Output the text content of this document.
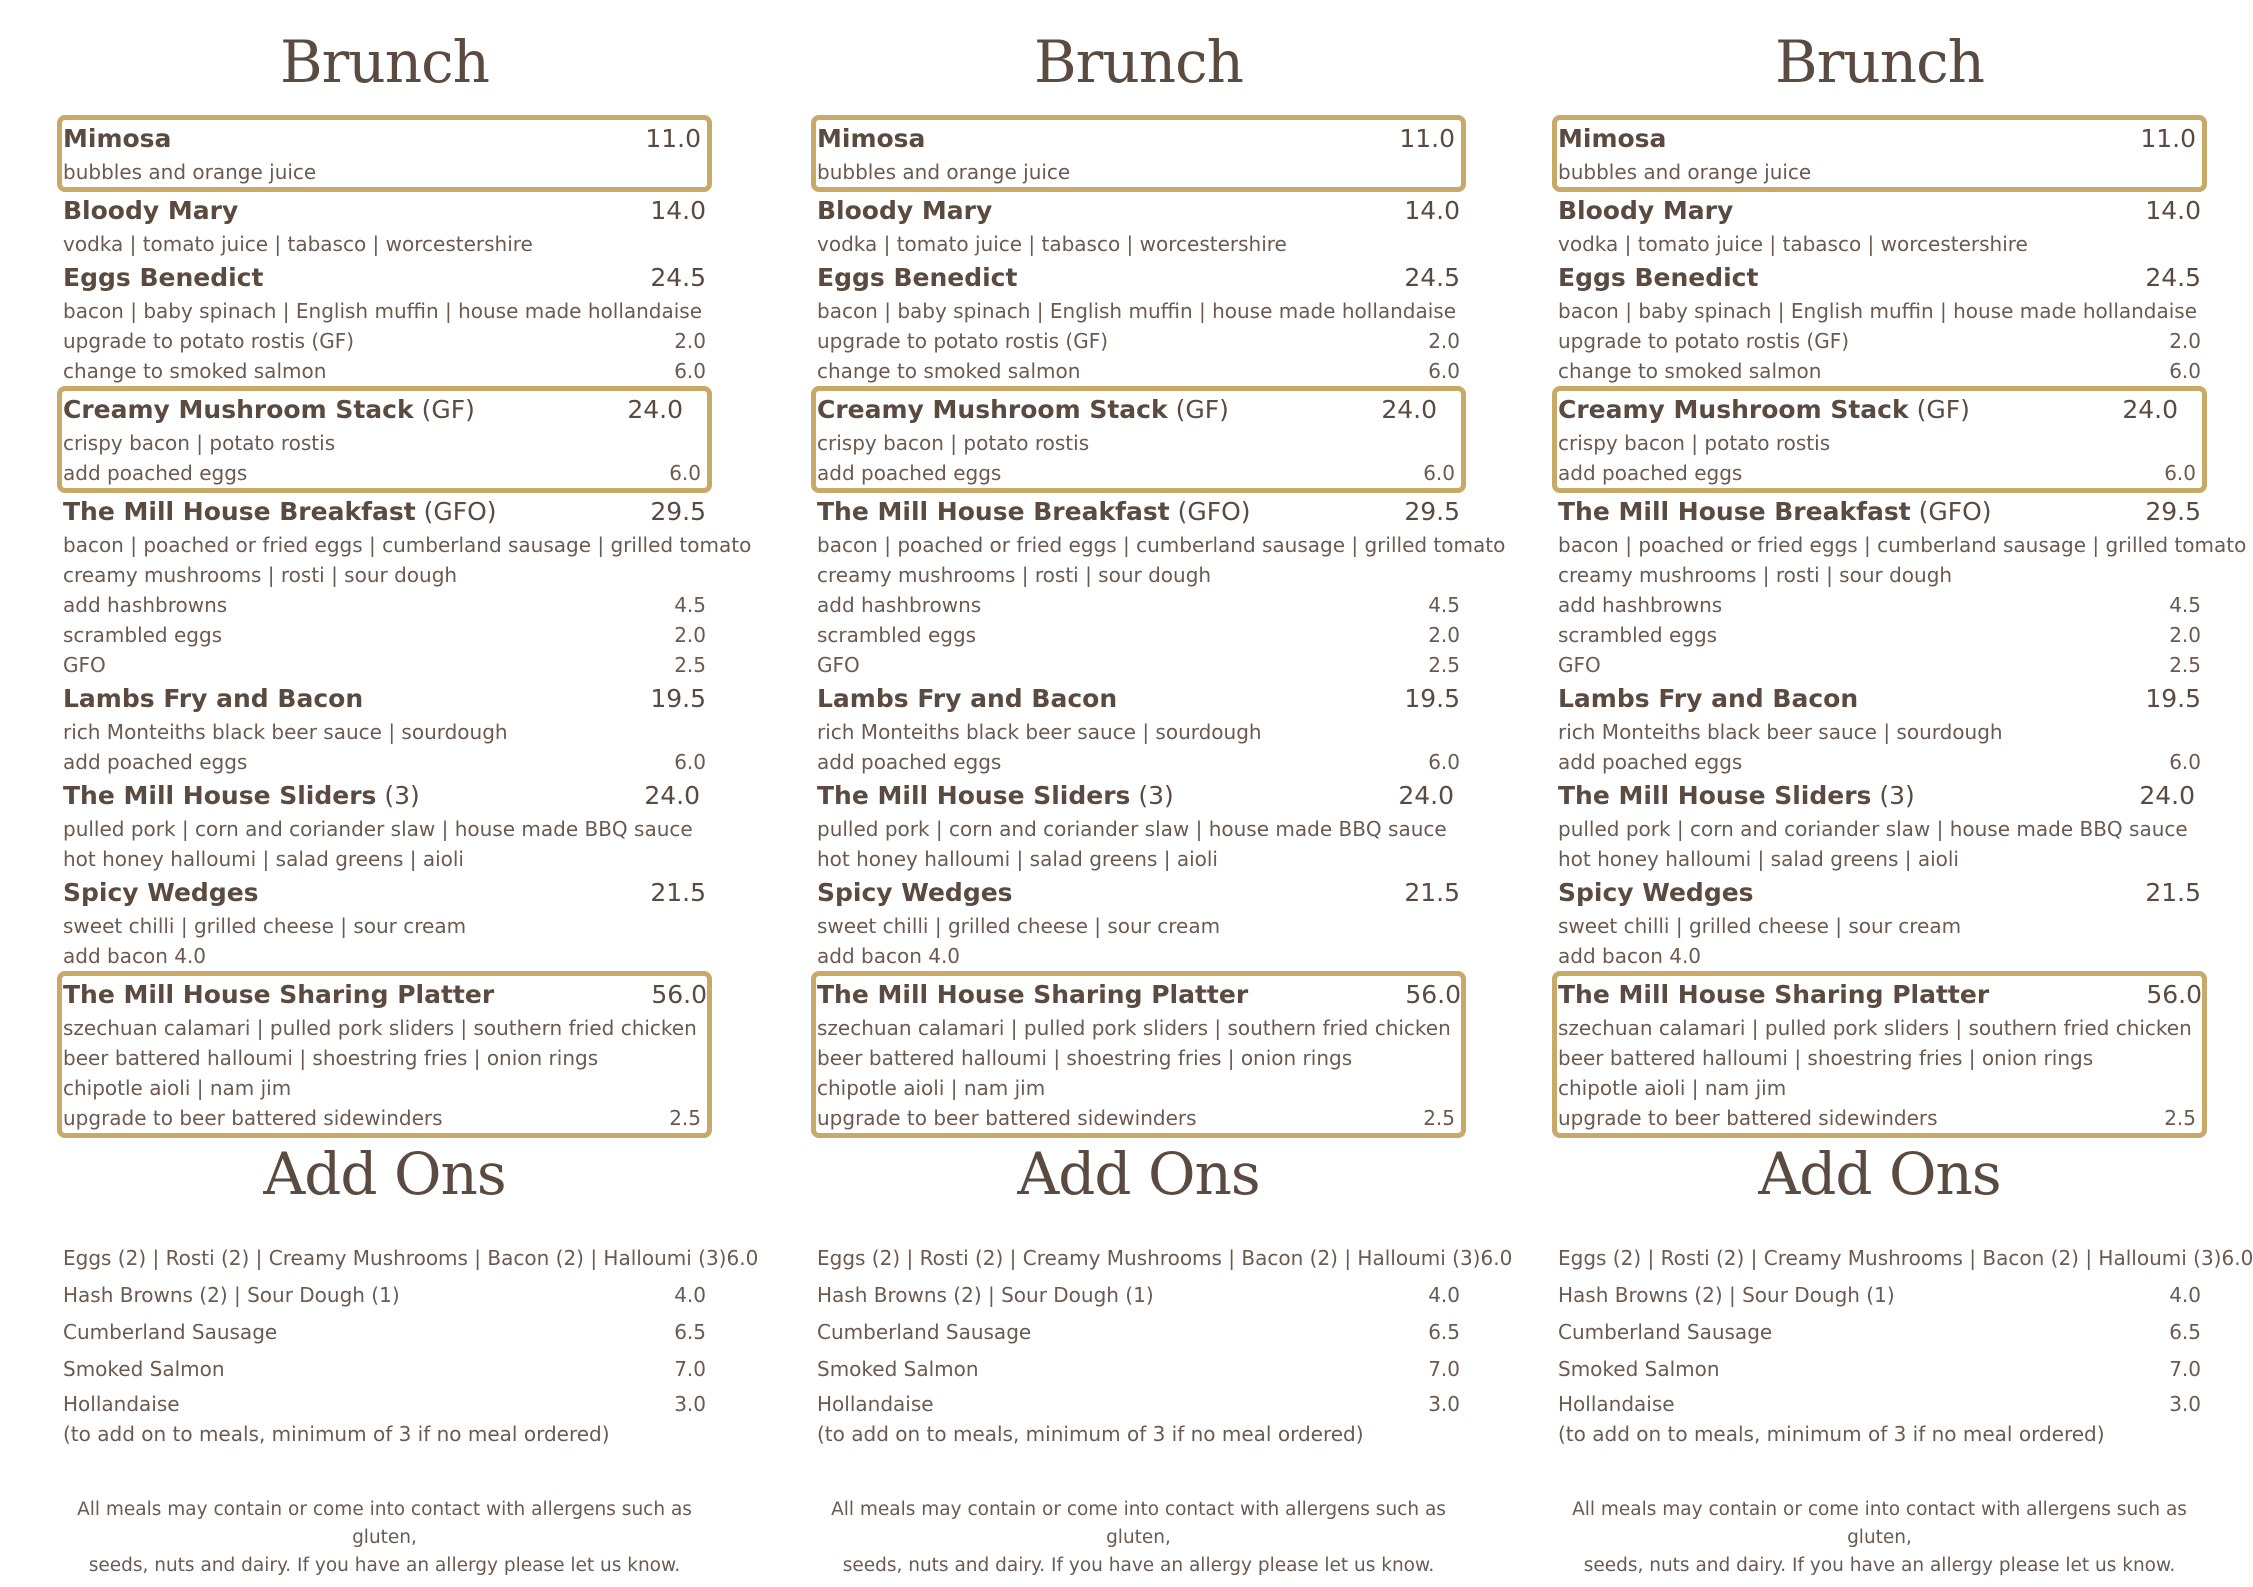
Brunch
Mimosa	11.0
bubbles and orange juice
Bloody Mary	14.0
vodka | tomato juice | tabasco | worcestershire
Eggs Benedict	24.5
bacon | baby spinach | English muffin | house made hollandaise
upgrade to potato rostis (GF)	2.0
change to smoked salmon	6.0
Creamy Mushroom Stack (GF)	24.0
crispy bacon | potato rostis
add poached eggs	6.0
The Mill House Breakfast (GFO)	29.5
bacon | poached or fried eggs | cumberland sausage | grilled tomato
creamy mushrooms | rosti | sour dough
add hashbrowns	4.5
scrambled eggs	2.0
GFO	2.5
Lambs Fry and Bacon	19.5
rich Monteiths black beer sauce | sourdough
add poached eggs	6.0
The Mill House Sliders (3)	24.0
pulled pork | corn and coriander slaw | house made BBQ sauce
hot honey halloumi | salad greens | aioli
Spicy Wedges	21.5
sweet chilli | grilled cheese | sour cream
add bacon 4.0
The Mill House Sharing Platter	56.0
szechuan calamari | pulled pork sliders | southern fried chicken
beer battered halloumi | shoestring fries | onion rings
chipotle aioli | nam jim
upgrade to beer battered sidewinders	2.5
Add Ons
Eggs (2) | Rosti (2) | Creamy Mushrooms | Bacon (2) | Halloumi (3) 6.0
Hash Browns (2) | Sour Dough (1)	4.0
Cumberland Sausage	6.5
Smoked Salmon	7.0
Hollandaise	3.0
(to add on to meals, minimum of 3 if no meal ordered)
All meals may contain or come into contact with allergens such as gluten,
seeds, nuts and dairy. If you have an allergy please let us know.
Brunch
Mimosa	11.0
bubbles and orange juice
Bloody Mary	14.0
vodka | tomato juice | tabasco | worcestershire
Eggs Benedict	24.5
bacon | baby spinach | English muffin | house made hollandaise
upgrade to potato rostis (GF)	2.0
change to smoked salmon	6.0
Creamy Mushroom Stack (GF)	24.0
crispy bacon | potato rostis
add poached eggs	6.0
The Mill House Breakfast (GFO)	29.5
bacon | poached or fried eggs | cumberland sausage | grilled tomato
creamy mushrooms | rosti | sour dough
add hashbrowns	4.5
scrambled eggs	2.0
GFO	2.5
Lambs Fry and Bacon	19.5
rich Monteiths black beer sauce | sourdough
add poached eggs	6.0
The Mill House Sliders (3)	24.0
pulled pork | corn and coriander slaw | house made BBQ sauce
hot honey halloumi | salad greens | aioli
Spicy Wedges	21.5
sweet chilli | grilled cheese | sour cream
add bacon 4.0
The Mill House Sharing Platter	56.0
szechuan calamari | pulled pork sliders | southern fried chicken
beer battered halloumi | shoestring fries | onion rings
chipotle aioli | nam jim
upgrade to beer battered sidewinders	2.5
Add Ons
Eggs (2) | Rosti (2) | Creamy Mushrooms | Bacon (2) | Halloumi (3) 6.0
Hash Browns (2) | Sour Dough (1)	4.0
Cumberland Sausage	6.5
Smoked Salmon	7.0
Hollandaise	3.0
(to add on to meals, minimum of 3 if no meal ordered)
All meals may contain or come into contact with allergens such as gluten,
seeds, nuts and dairy. If you have an allergy please let us know.
Brunch
Mimosa	11.0
bubbles and orange juice
Bloody Mary	14.0
vodka | tomato juice | tabasco | worcestershire
Eggs Benedict	24.5
bacon | baby spinach | English muffin | house made hollandaise
upgrade to potato rostis (GF)	2.0
change to smoked salmon	6.0
Creamy Mushroom Stack (GF)	24.0
crispy bacon | potato rostis
add poached eggs	6.0
The Mill House Breakfast (GFO)	29.5
bacon | poached or fried eggs | cumberland sausage | grilled tomato
creamy mushrooms | rosti | sour dough
add hashbrowns	4.5
scrambled eggs	2.0
GFO	2.5
Lambs Fry and Bacon	19.5
rich Monteiths black beer sauce | sourdough
add poached eggs	6.0
The Mill House Sliders (3)	24.0
pulled pork | corn and coriander slaw | house made BBQ sauce
hot honey halloumi | salad greens | aioli
Spicy Wedges	21.5
sweet chilli | grilled cheese | sour cream
add bacon 4.0
The Mill House Sharing Platter	56.0
szechuan calamari | pulled pork sliders | southern fried chicken
beer battered halloumi | shoestring fries | onion rings
chipotle aioli | nam jim
upgrade to beer battered sidewinders	2.5
Add Ons
Eggs (2) | Rosti (2) | Creamy Mushrooms | Bacon (2) | Halloumi (3) 6.0
Hash Browns (2) | Sour Dough (1)	4.0
Cumberland Sausage	6.5
Smoked Salmon	7.0
Hollandaise	3.0
(to add on to meals, minimum of 3 if no meal ordered)
All meals may contain or come into contact with allergens such as gluten,
seeds, nuts and dairy. If you have an allergy please let us know.
